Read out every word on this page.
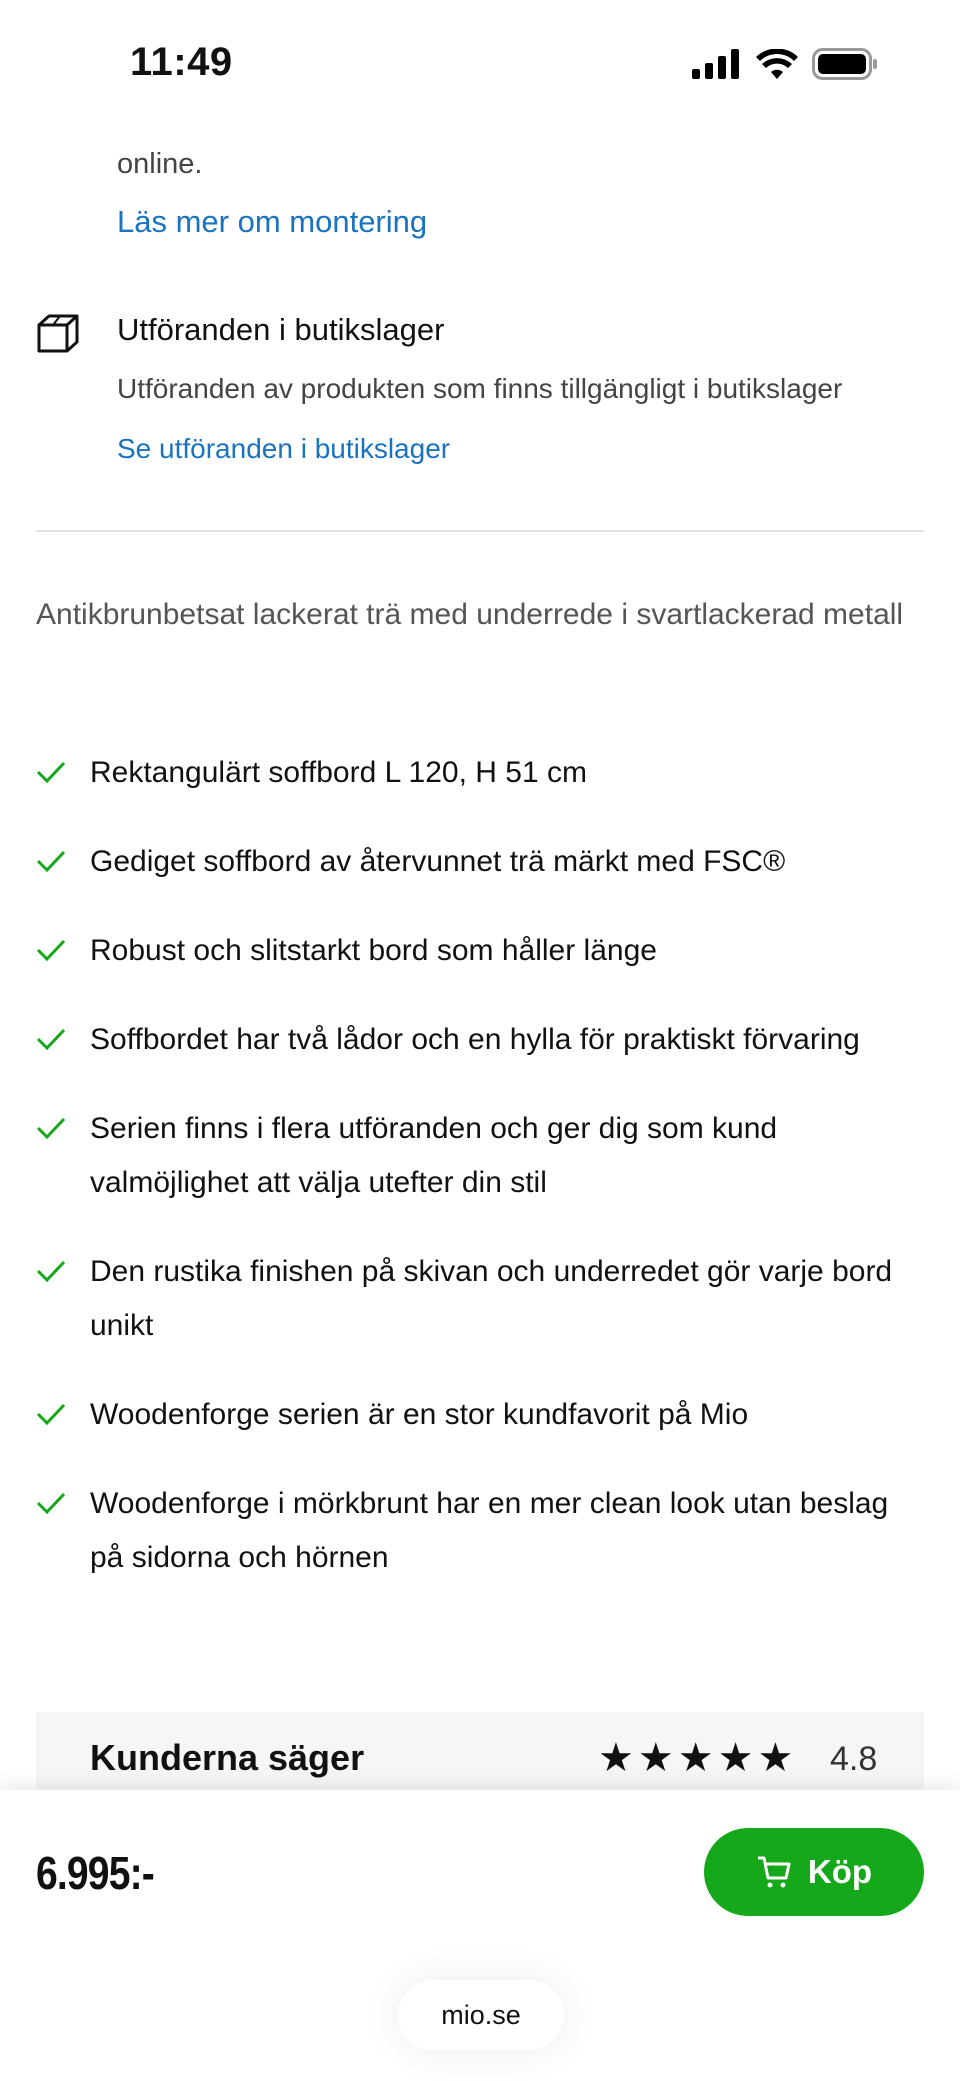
11:49
online.
Läs mer om montering
Utföranden i butikslager
Utföranden av produkten som finns tillgängligt i butikslager
Se utföranden i butikslager
Antikbrunbetsat lackerat trä med underrede i svartlackerad metall
Rektangulärt soffbord L 120, H 51 cm
Gediget soffbord av återvunnet trä märkt med FSC®
Robust och slitstarkt bord som håller länge
Soffbordet har två lådor och en hylla för praktiskt förvaring
Serien finns i flera utföranden och ger dig som kund valmöjlighet att välja utefter din stil
Den rustika finishen på skivan och underredet gör varje bord unikt
Woodenforge serien är en stor kundfavorit på Mio
Woodenforge i mörkbrunt har en mer clean look utan beslag på sidorna och hörnen
Kunderna säger	★ ★ ★ ★ ★ 4.8
6.995:-	Köp
mio.se
